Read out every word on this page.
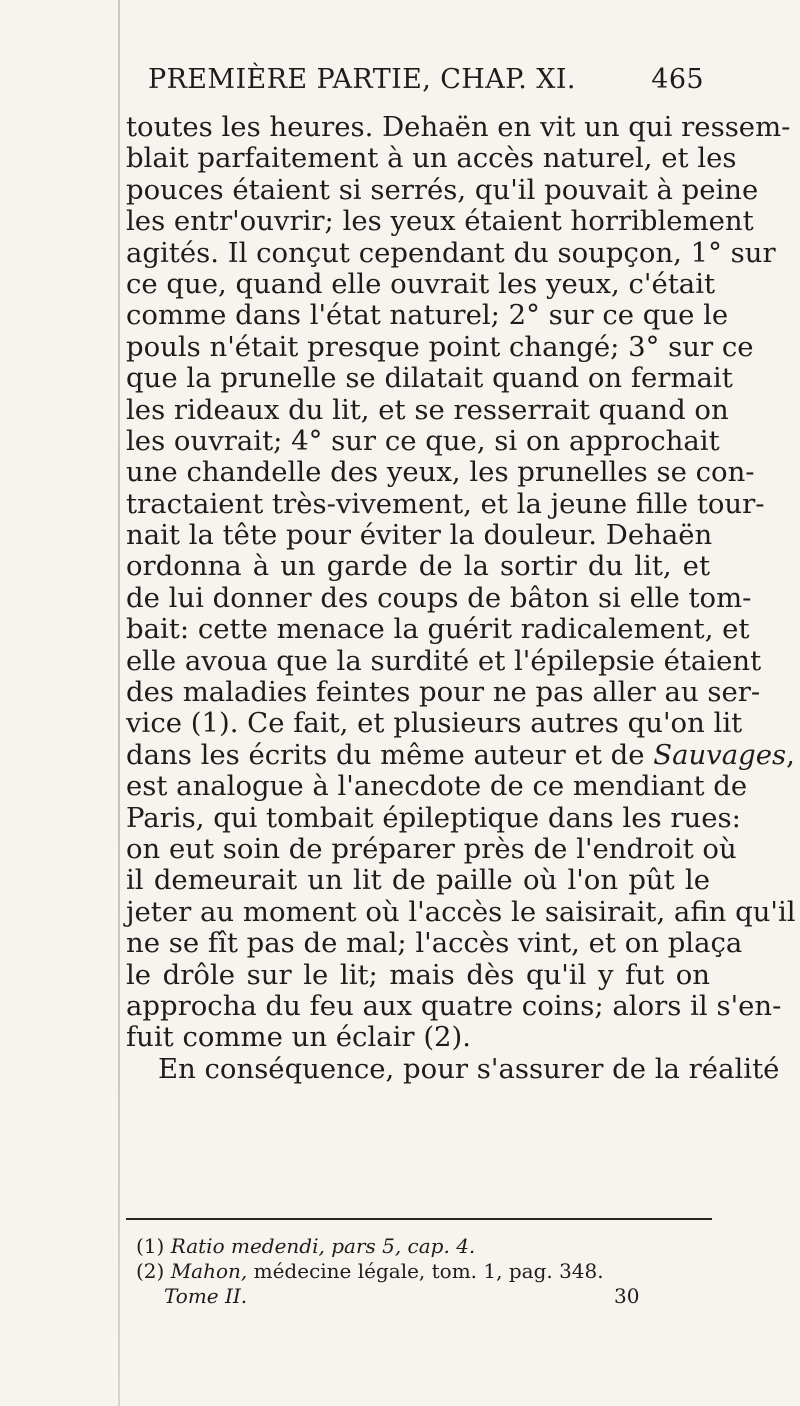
PREMIÈRE PARTIE, CHAP. XI.	465
toutes les heures. Dehaën en vit un qui ressem-
blait parfaitement à un accès naturel, et les
pouces étaient si serrés, qu'il pouvait à peine
les entr'ouvrir; les yeux étaient horriblement
agités. Il conçut cependant du soupçon, 1° sur
ce que, quand elle ouvrait les yeux, c'était
comme dans l'état naturel; 2° sur ce que le
pouls n'était presque point changé; 3° sur ce
que la prunelle se dilatait quand on fermait
les rideaux du lit, et se resserrait quand on
les ouvrait; 4° sur ce que, si on approchait
une chandelle des yeux, les prunelles se con-
tractaient très-vivement, et la jeune fille tour-
nait la tête pour éviter la douleur. Dehaën
ordonna à un garde de la sortir du lit, et
de lui donner des coups de bâton si elle tom-
bait: cette menace la guérit radicalement, et
elle avoua que la surdité et l'épilepsie étaient
des maladies feintes pour ne pas aller au ser-
vice (1). Ce fait, et plusieurs autres qu'on lit
dans les écrits du même auteur et de Sauvages,
est analogue à l'anecdote de ce mendiant de
Paris, qui tombait épileptique dans les rues:
on eut soin de préparer près de l'endroit où
il demeurait un lit de paille où l'on pût le
jeter au moment où l'accès le saisirait, afin qu'il
ne se fît pas de mal; l'accès vint, et on plaça
le drôle sur le lit; mais dès qu'il y fut on
approcha du feu aux quatre coins; alors il s'en-
fuit comme un éclair (2).
En conséquence, pour s'assurer de la réalité
(1) Ratio medendi, pars 5, cap. 4.
(2) Mahon, médecine légale, tom. 1, pag. 348.
Tome II.	30
